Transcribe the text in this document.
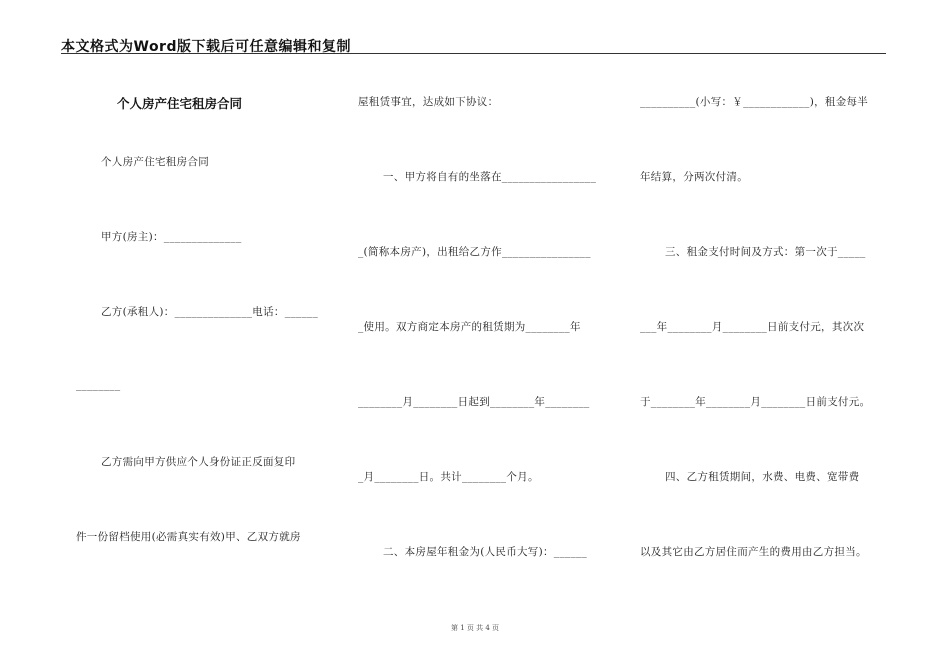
本文格式为Word版下载后可任意编辑和复制
个人房产住宅租房合同
个人房产住宅租房合同
甲方(房主)：______________
乙方(承租人)：______________电话：______
________
乙方需向甲方供应个人身份证正反面复印
件一份留档使用(必需真实有效)甲、乙双方就房
屋租赁事宜，达成如下协议：
一、甲方将自有的坐落在_________________
_(简称本房产)，出租给乙方作________________
_使用。双方商定本房产的租赁期为________年
________月________日起到________年________
_月________日。共计________个月。
二、本房屋年租金为(人民币大写)：______
__________(小写：￥____________)，租金每半
年结算，分两次付清。
三、租金支付时间及方式：第一次于_____
___年________月________日前支付元，其次次
于________年________月________日前支付元。
四、乙方租赁期间，水费、电费、宽带费
以及其它由乙方居住而产生的费用由乙方担当。
第 1 页 共 4 页
